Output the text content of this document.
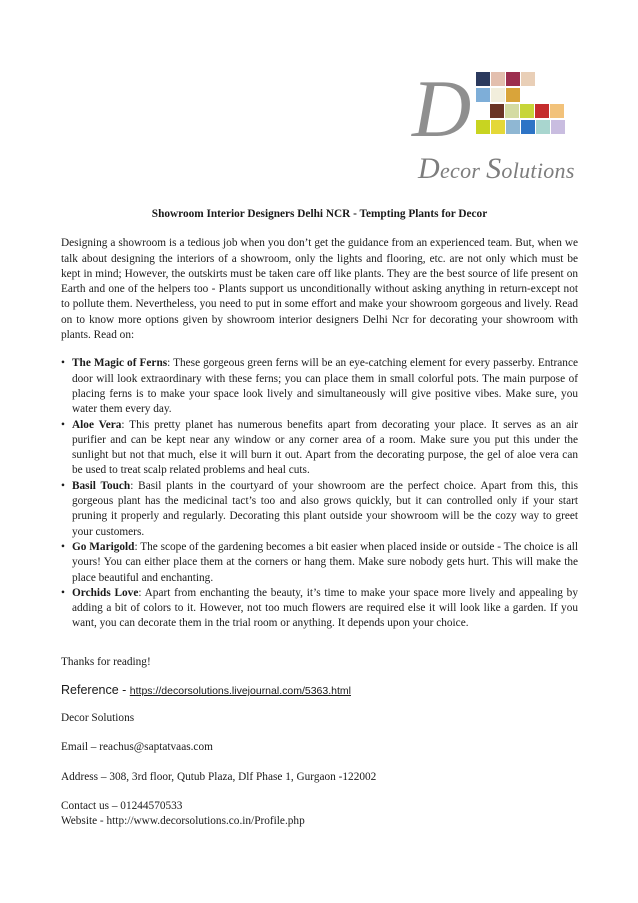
D
Decor Solutions

Showroom Interior Designers Delhi NCR - Tempting Plants for Decor

Designing a showroom is a tedious job when you don’t get the guidance from an experienced team. But, when we talk about designing the interiors of a showroom, only the lights and flooring, etc. are not only which must be kept in mind; However, the outskirts must be taken care off like plants. They are the best source of life present on Earth and one of the helpers too - Plants support us unconditionally without asking anything in return-except not to pollute them. Nevertheless, you need to put in some effort and make your showroom gorgeous and lively. Read on to know more options given by showroom interior designers Delhi Ncr for decorating your showroom with plants. Read on:

• The Magic of Ferns: These gorgeous green ferns will be an eye-catching element for every passerby. Entrance door will look extraordinary with these ferns; you can place them in small colorful pots. The main purpose of placing ferns is to make your space look lively and simultaneously will give positive vibes. Make sure, you water them every day.
• Aloe Vera: This pretty planet has numerous benefits apart from decorating your place. It serves as an air purifier and can be kept near any window or any corner area of a room. Make sure you put this under the sunlight but not that much, else it will burn it out. Apart from the decorating purpose, the gel of aloe vera can be used to treat scalp related problems and heal cuts.
• Basil Touch: Basil plants in the courtyard of your showroom are the perfect choice. Apart from this, this gorgeous plant has the medicinal tact’s too and also grows quickly, but it can controlled only if your start pruning it properly and regularly. Decorating this plant outside your showroom will be the cozy way to greet your customers.
• Go Marigold: The scope of the gardening becomes a bit easier when placed inside or outside - The choice is all yours! You can either place them at the corners or hang them. Make sure nobody gets hurt. This will make the place beautiful and enchanting.
• Orchids Love: Apart from enchanting the beauty, it’s time to make your space more lively and appealing by adding a bit of colors to it. However, not too much flowers are required else it will look like a garden. If you want, you can decorate them in the trial room or anything. It depends upon your choice.

Thanks for reading!

Reference - https://decorsolutions.livejournal.com/5363.html

Decor Solutions

Email – reachus@saptatvaas.com

Address – 308, 3rd floor, Qutub Plaza, Dlf Phase 1, Gurgaon -122002

Contact us – 01244570533

Website - http://www.decorsolutions.co.in/Profile.php
